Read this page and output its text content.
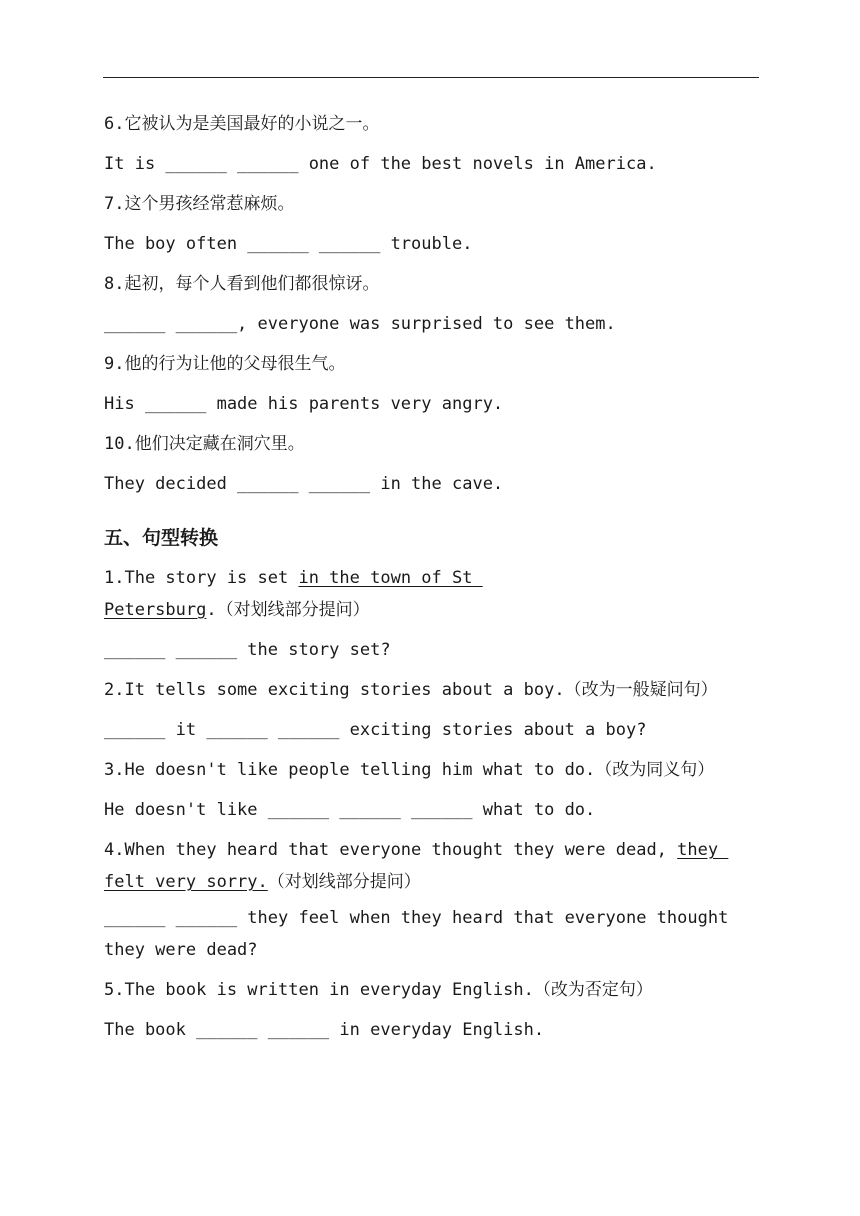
6.它被认为是美国最好的小说之一。
It is ______ ______ one of the best novels in America.
7.这个男孩经常惹麻烦。
The boy often ______ ______ trouble.
8.起初，每个人看到他们都很惊讶。
______ ______, everyone was surprised to see them.
9.他的行为让他的父母很生气。
His ______ made his parents very angry.
10.他们决定藏在洞穴里。
They decided ______ ______ in the cave.
五、句型转换
1.The story is set in the town of St Petersburg.（对划线部分提问）
______ ______ the story set?
2.It tells some exciting stories about a boy.（改为一般疑问句）
______ it ______ ______ exciting stories about a boy?
3.He doesn't like people telling him what to do.（改为同义句）
He doesn't like ______ ______ ______ what to do.
4.When they heard that everyone thought they were dead, they felt very sorry.（对划线部分提问）
______ ______ they feel when they heard that everyone thought they were dead?
5.The book is written in everyday English.（改为否定句）
The book ______ ______ in everyday English.
